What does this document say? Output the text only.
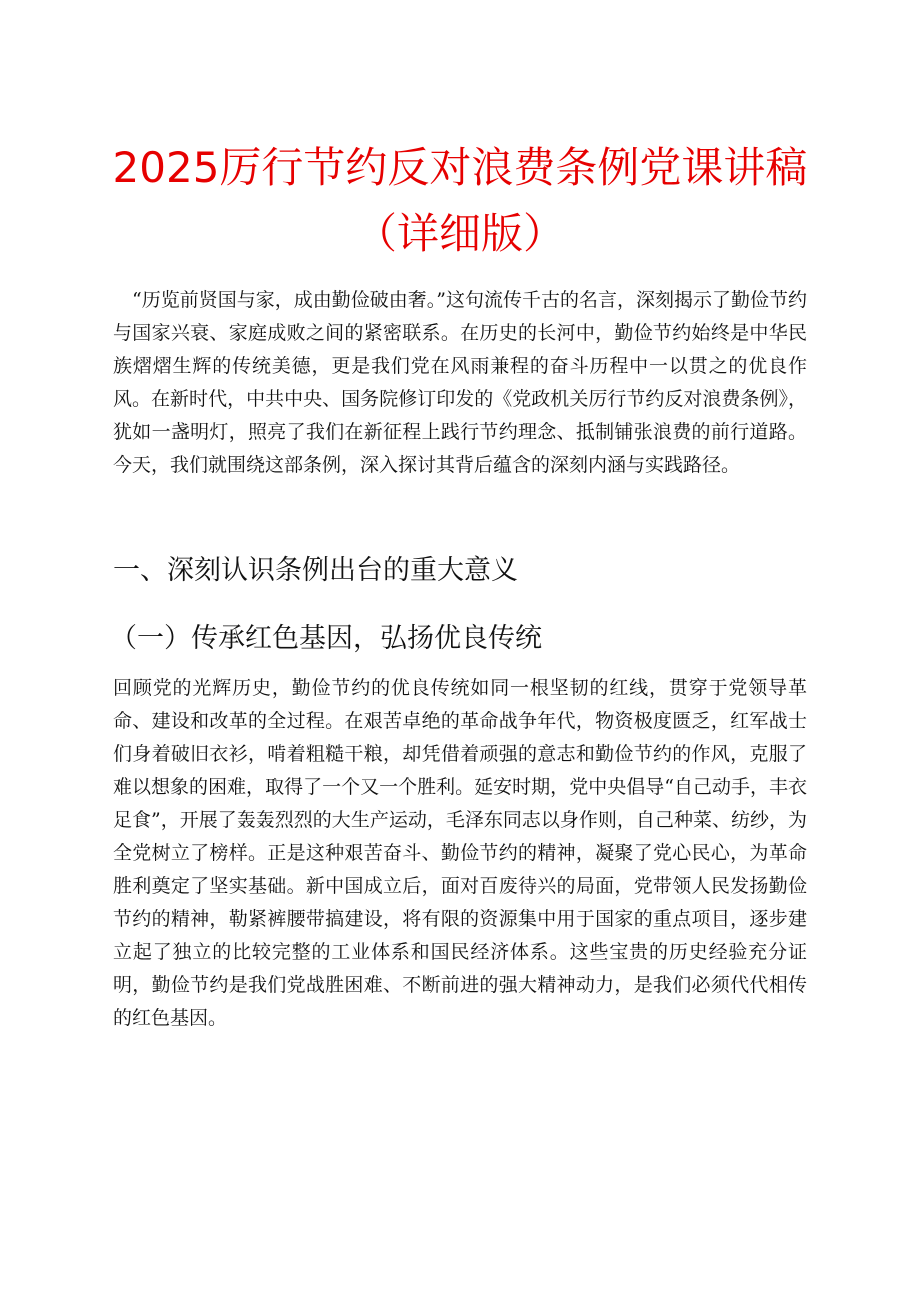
2025厉行节约反对浪费条例党课讲稿
（详细版）

“历览前贤国与家，成由勤俭破由奢。”这句流传千古的名言，深刻揭示了勤俭节约与国家兴衰、家庭成败之间的紧密联系。在历史的长河中，勤俭节约始终是中华民族熠熠生辉的传统美德，更是我们党在风雨兼程的奋斗历程中一以贯之的优良作风。在新时代，中共中央、国务院修订印发的《党政机关厉行节约反对浪费条例》，犹如一盏明灯，照亮了我们在新征程上践行节约理念、抵制铺张浪费的前行道路。今天，我们就围绕这部条例，深入探讨其背后蕴含的深刻内涵与实践路径。

一、深刻认识条例出台的重大意义
（一）传承红色基因，弘扬优良传统

回顾党的光辉历史，勤俭节约的优良传统如同一根坚韧的红线，贯穿于党领导革命、建设和改革的全过程。在艰苦卓绝的革命战争年代，物资极度匮乏，红军战士们身着破旧衣衫，啃着粗糙干粮，却凭借着顽强的意志和勤俭节约的作风，克服了难以想象的困难，取得了一个又一个胜利。延安时期，党中央倡导“自己动手，丰衣足食”，开展了轰轰烈烈的大生产运动，毛泽东同志以身作则，自己种菜、纺纱，为全党树立了榜样。正是这种艰苦奋斗、勤俭节约的精神，凝聚了党心民心，为革命胜利奠定了坚实基础。新中国成立后，面对百废待兴的局面，党带领人民发扬勤俭节约的精神，勒紧裤腰带搞建设，将有限的资源集中用于国家的重点项目，逐步建立起了独立的比较完整的工业体系和国民经济体系。这些宝贵的历史经验充分证明，勤俭节约是我们党战胜困难、不断前进的强大精神动力，是我们必须代代相传的红色基因。
